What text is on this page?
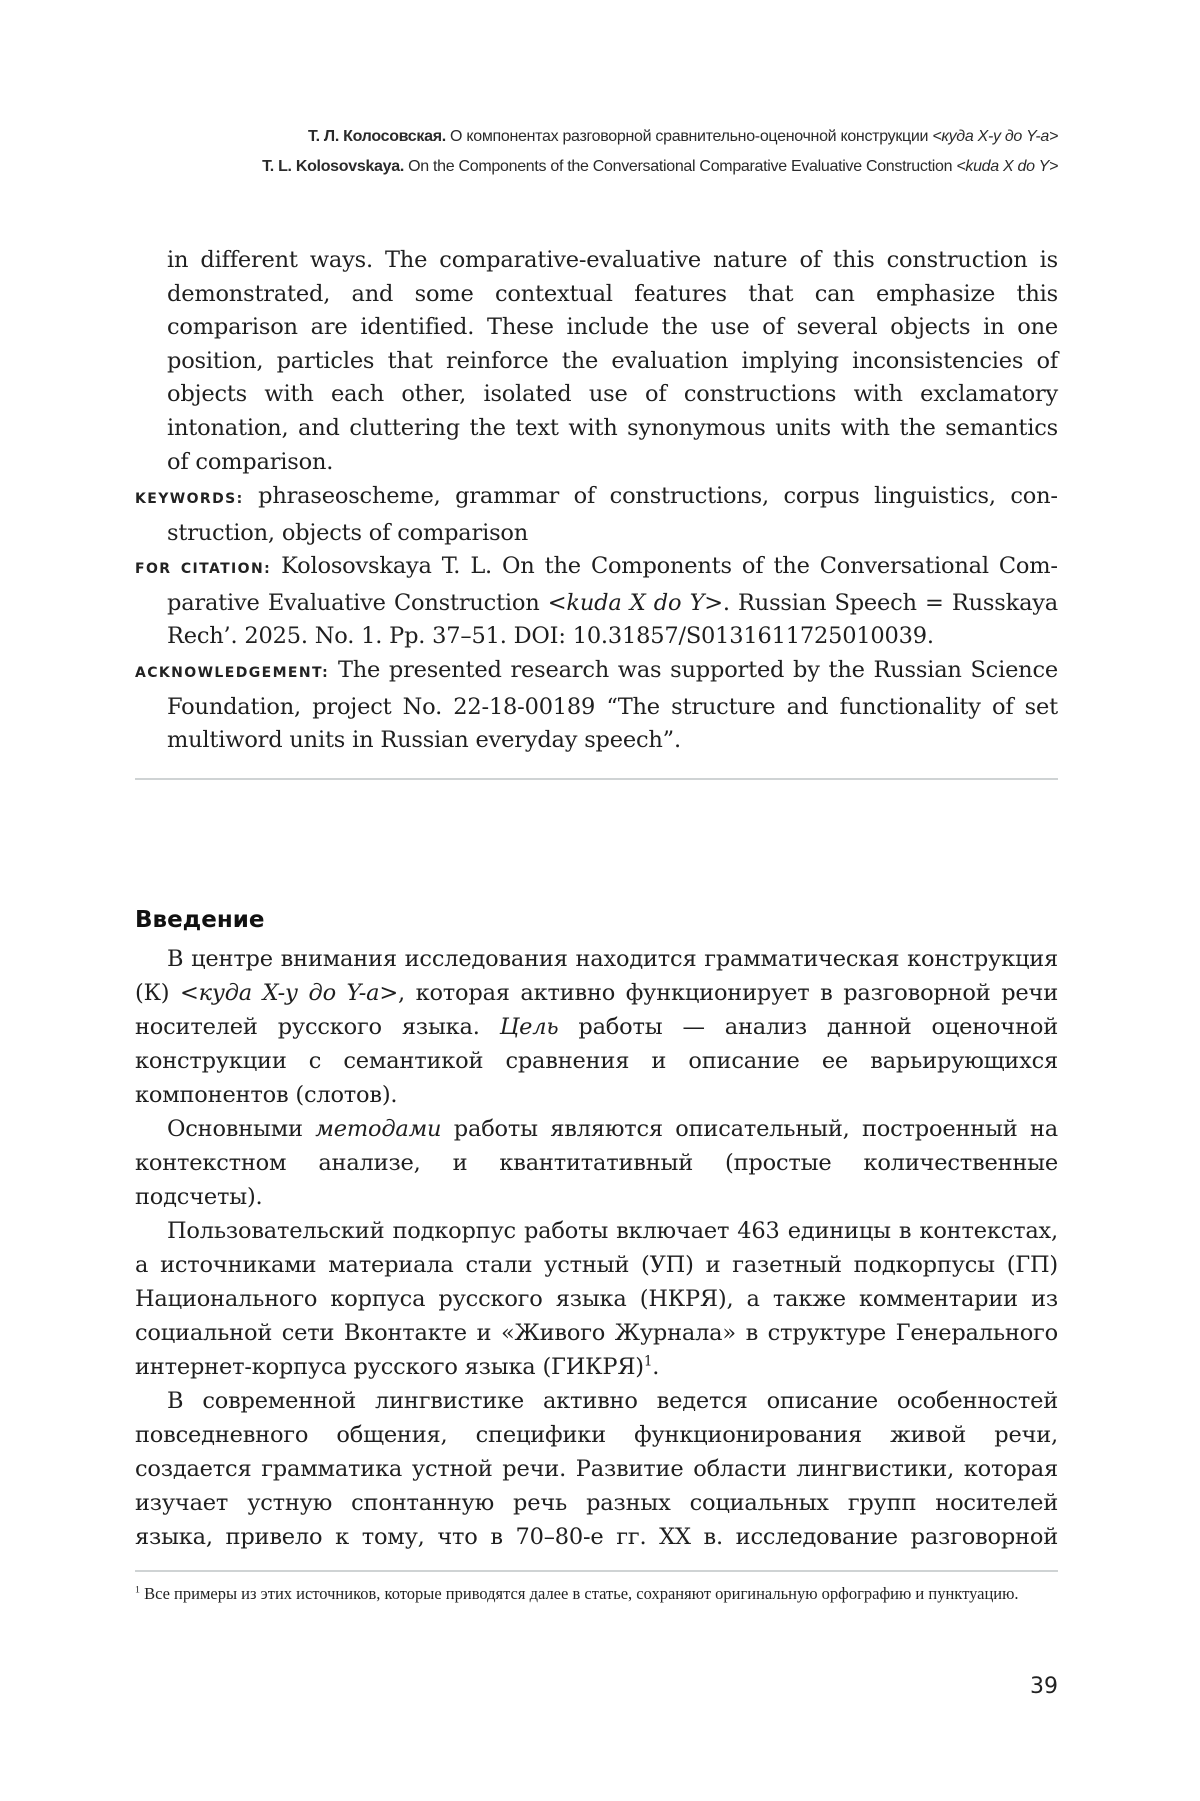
Т. Л. Колосовская. О компонентах разговорной сравнительно-оценочной конструкции <куда X-у до Y-а>
T. L. Kolosovskaya. On the Components of the Conversational Comparative Evaluative Construction <kuda X do Y>
in different ways. The comparative-evaluative nature of this construction is demonstrated, and some contextual features that can emphasize this comparison are identified. These include the use of several objects in one position, particles that reinforce the evaluation implying inconsistencies of objects with each other, isolated use of constructions with exclamatory intonation, and cluttering the text with synonymous units with the semantics of comparison.
KEYWORDS: phraseoscheme, grammar of constructions, corpus linguistics, construction, objects of comparison
FOR CITATION: Kolosovskaya T. L. On the Components of the Conversational Comparative Evaluative Construction <kuda X do Y>. Russian Speech = Russkaya Rech’. 2025. No. 1. Pp. 37–51. DOI: 10.31857/S0131611725010039.
ACKNOWLEDGEMENT: The presented research was supported by the Russian Science Foundation, project No. 22-18-00189 “The structure and functionality of set multiword units in Russian everyday speech”.
Введение

В центре внимания исследования находится грамматическая конструкция (К) <куда X-у до Y-а>, которая активно функционирует в разговорной речи носителей русского языка. Цель работы — анализ данной оценочной конструкции с семантикой сравнения и описание ее варьирующихся компонентов (слотов).

Основными методами работы являются описательный, построенный на контекстном анализе, и квантитативный (простые количественные подсчеты).

Пользовательский подкорпус работы включает 463 единицы в контекстах, а источниками материала стали устный (УП) и газетный подкорпусы (ГП) Национального корпуса русского языка (НКРЯ), а также комментарии из социальной сети Вконтакте и «Живого Журнала» в структуре Генерального интернет-корпуса русского языка (ГИКРЯ)$^1$.

В современной лингвистике активно ведется описание особенностей повседневного общения, специфики функционирования живой речи, создается грамматика устной речи. Развитие области лингвистики, которая изучает устную спонтанную речь разных социальных групп носителей языка, привело к тому, что в 70–80-е гг. XX в. исследование разговорной

$^1$ Все примеры из этих источников, которые приводятся далее в статье, сохраняют оригинальную орфографию и пунктуацию.
39
